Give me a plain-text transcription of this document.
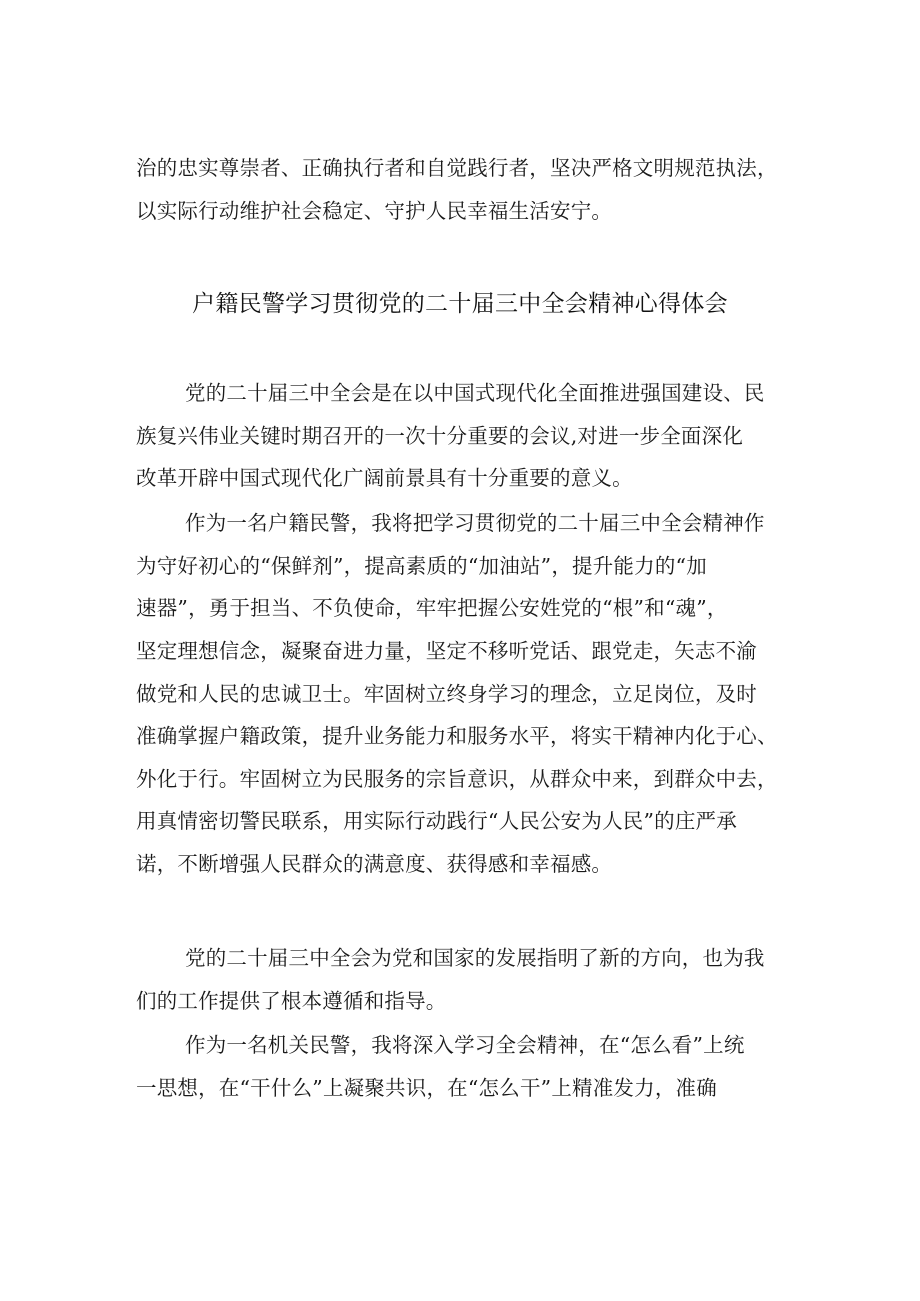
治的忠实尊崇者、正确执行者和自觉践行者，坚决严格文明规范执法，
以实际行动维护社会稳定、守护人民幸福生活安宁。
户籍民警学习贯彻党的二十届三中全会精神心得体会
党的二十届三中全会是在以中国式现代化全面推进强国建设、民
族复兴伟业关键时期召开的一次十分重要的会议,对进一步全面深化
改革开辟中国式现代化广阔前景具有十分重要的意义。
作为一名户籍民警，我将把学习贯彻党的二十届三中全会精神作
为守好初心的“保鲜剂”，提高素质的“加油站”，提升能力的“加
速器”，勇于担当、不负使命，牢牢把握公安姓党的“根”和“魂”，
坚定理想信念，凝聚奋进力量，坚定不移听党话、跟党走，矢志不渝
做党和人民的忠诚卫士。牢固树立终身学习的理念，立足岗位，及时
准确掌握户籍政策，提升业务能力和服务水平，将实干精神内化于心、
外化于行。牢固树立为民服务的宗旨意识，从群众中来，到群众中去，
用真情密切警民联系，用实际行动践行“人民公安为人民”的庄严承
诺，不断增强人民群众的满意度、获得感和幸福感。
党的二十届三中全会为党和国家的发展指明了新的方向，也为我
们的工作提供了根本遵循和指导。
作为一名机关民警，我将深入学习全会精神，在“怎么看”上统
一思想，在“干什么”上凝聚共识，在“怎么干”上精准发力，准确
